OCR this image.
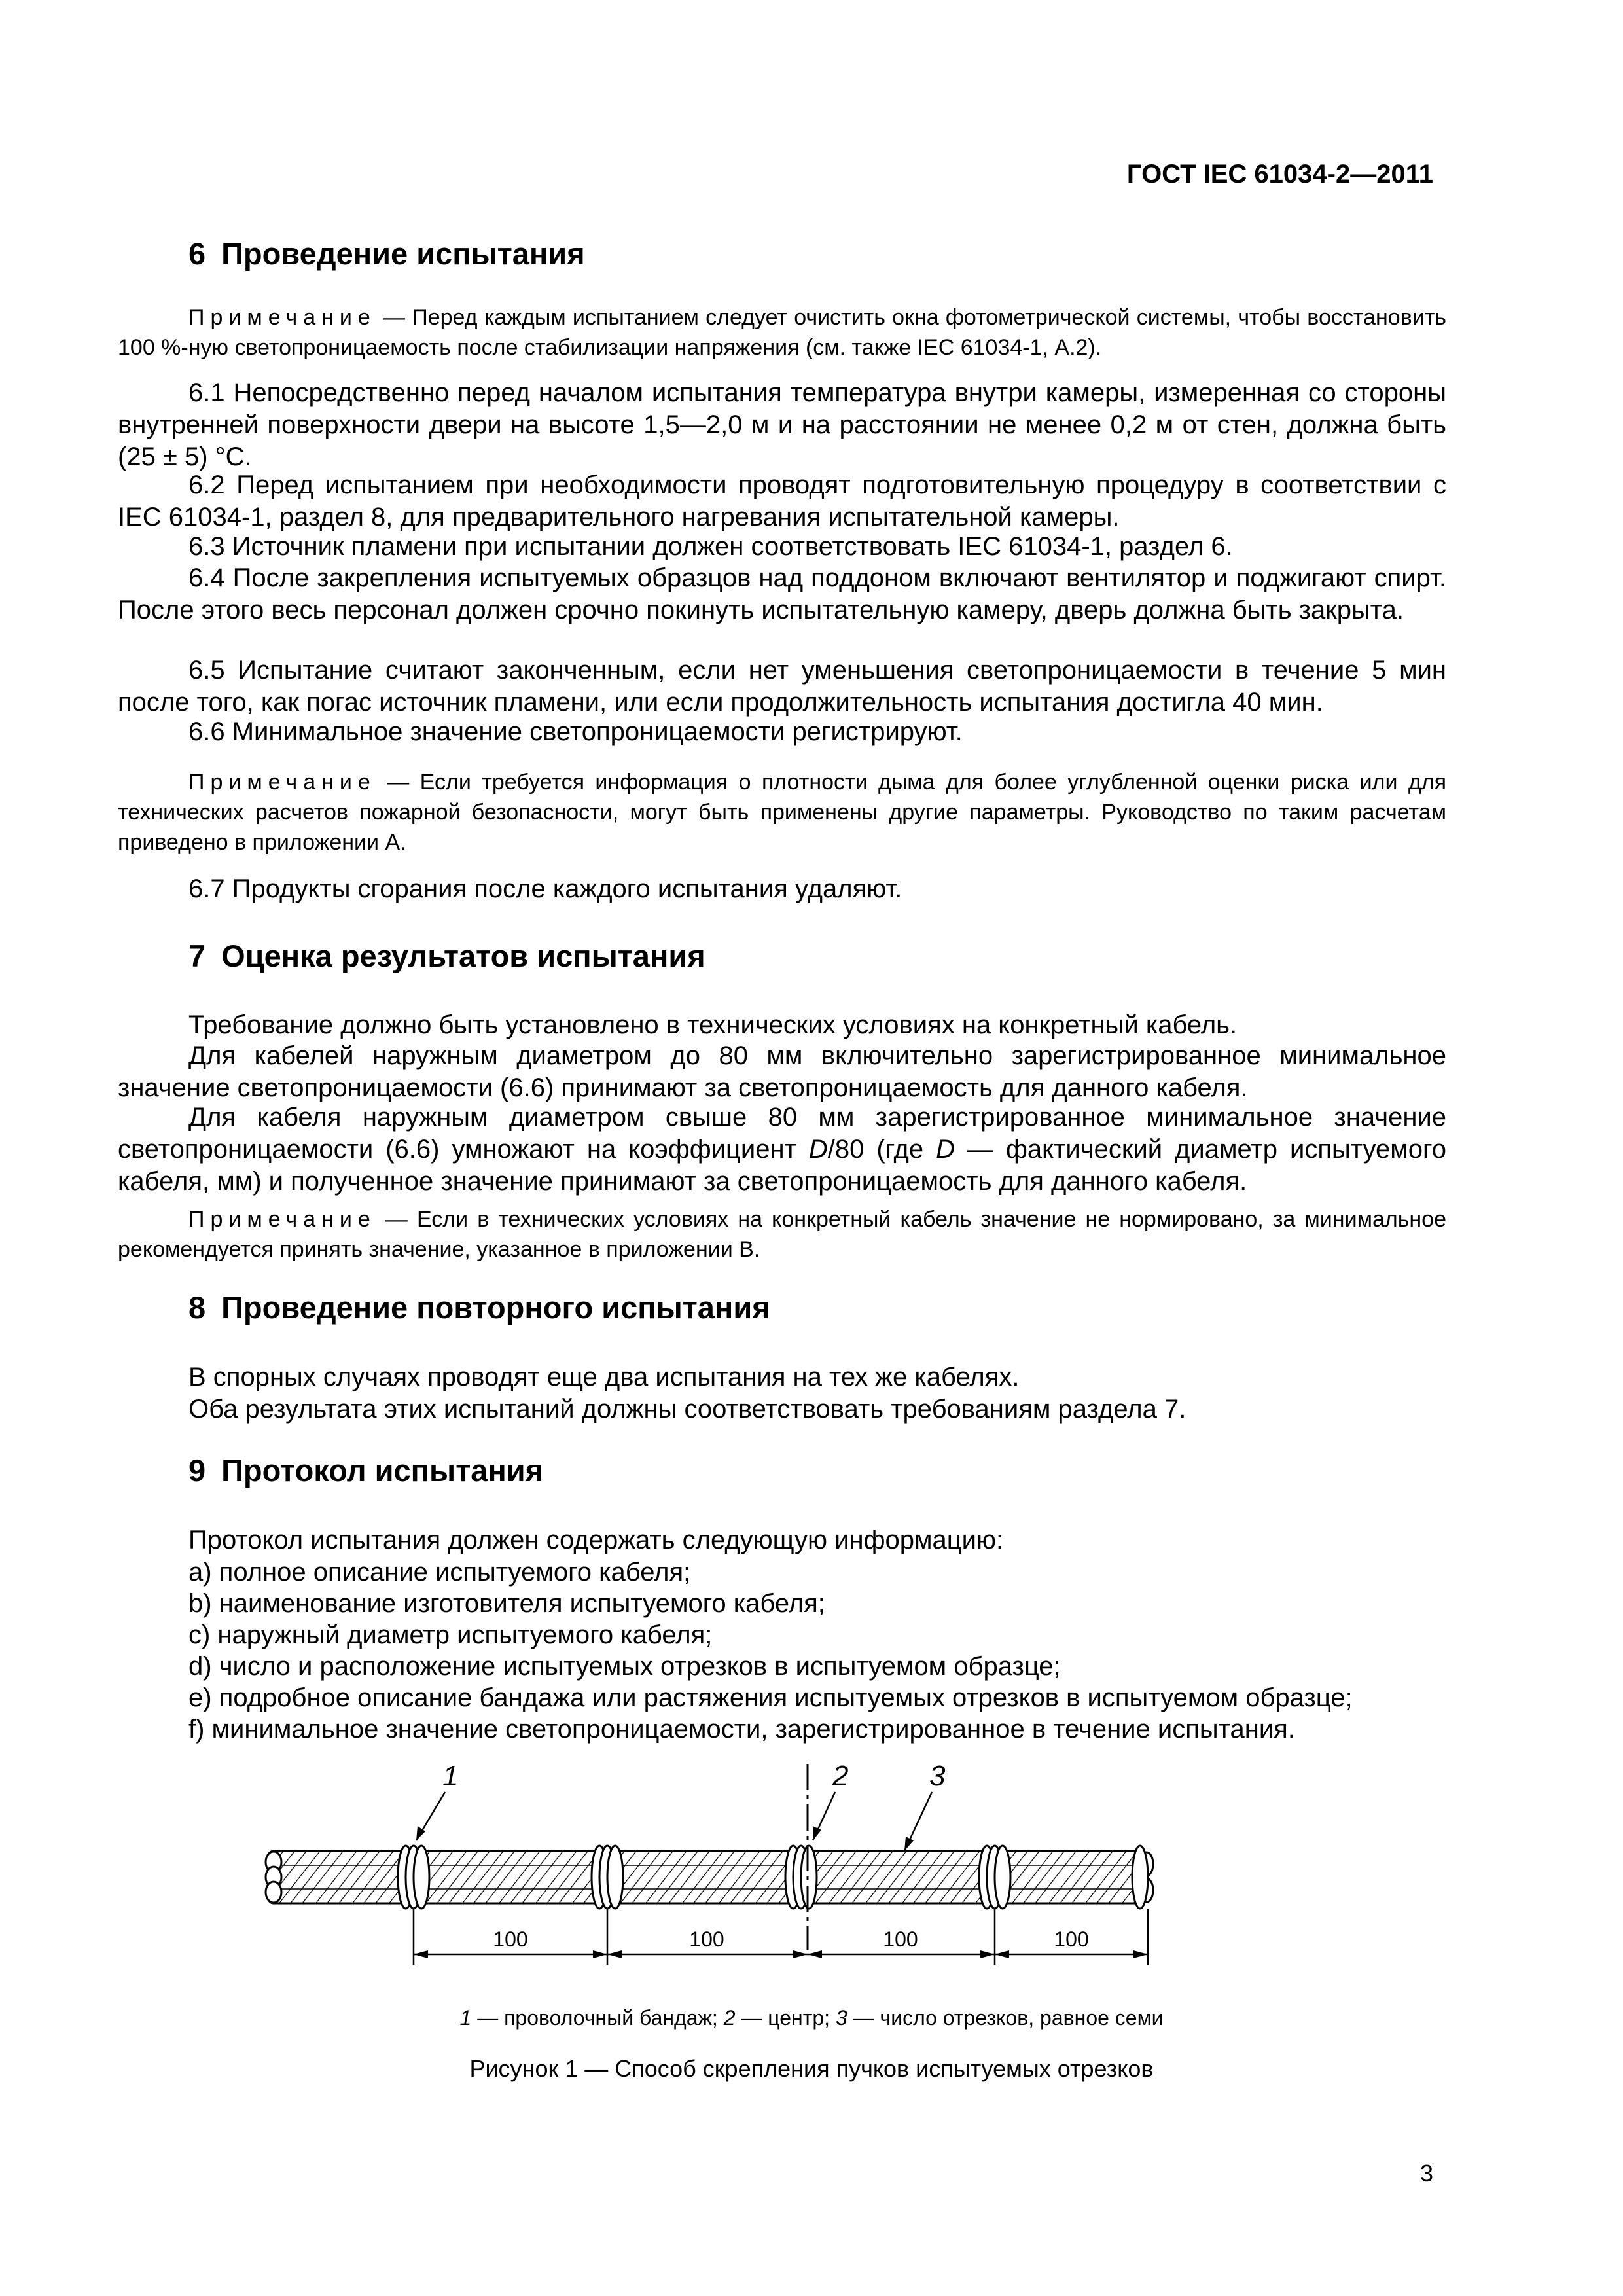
ГОСТ IEC 61034-2—2011
6 Проведение испытания
Примечание — Перед каждым испытанием следует очистить окна фотометрической системы, чтобы восстановить 100 %-ную светопроницаемость после стабилизации напряжения (см. также IEC 61034-1, А.2).
6.1 Непосредственно перед началом испытания температура внутри камеры, измеренная со стороны внутренней поверхности двери на высоте 1,5—2,0 м и на расстоянии не менее 0,2 м от стен, должна быть (25 ± 5) °С.
6.2 Перед испытанием при необходимости проводят подготовительную процедуру в соответствии с IEC 61034-1, раздел 8, для предварительного нагревания испытательной камеры.
6.3 Источник пламени при испытании должен соответствовать IEC 61034-1, раздел 6.
6.4 После закрепления испытуемых образцов над поддоном включают вентилятор и поджигают спирт. После этого весь персонал должен срочно покинуть испытательную камеру, дверь должна быть закрыта.
6.5 Испытание считают законченным, если нет уменьшения светопроницаемости в течение 5 мин после того, как погас источник пламени, или если продолжительность испытания достигла 40 мин.
6.6 Минимальное значение светопроницаемости регистрируют.
Примечание — Если требуется информация о плотности дыма для более углубленной оценки риска или для технических расчетов пожарной безопасности, могут быть применены другие параметры. Руководство по таким расчетам приведено в приложении А.
6.7 Продукты сгорания после каждого испытания удаляют.
7 Оценка результатов испытания
Требование должно быть установлено в технических условиях на конкретный кабель.
Для кабелей наружным диаметром до 80 мм включительно зарегистрированное минимальное значение светопроницаемости (6.6) принимают за светопроницаемость для данного кабеля.
Для кабеля наружным диаметром свыше 80 мм зарегистрированное минимальное значение светопроницаемости (6.6) умножают на коэффициент D/80 (где D — фактический диаметр испытуемого кабеля, мм) и полученное значение принимают за светопроницаемость для данного кабеля.
Примечание — Если в технических условиях на конкретный кабель значение не нормировано, за минимальное рекомендуется принять значение, указанное в приложении В.
8 Проведение повторного испытания
В спорных случаях проводят еще два испытания на тех же кабелях.
Оба результата этих испытаний должны соответствовать требованиям раздела 7.
9 Протокол испытания
Протокол испытания должен содержать следующую информацию:
а) полное описание испытуемого кабеля;
b) наименование изготовителя испытуемого кабеля;
с) наружный диаметр испытуемого кабеля;
d) число и расположение испытуемых отрезков в испытуемом образце;
е) подробное описание бандажа или растяжения испытуемых отрезков в испытуемом образце;
f) минимальное значение светопроницаемости, зарегистрированное в течение испытания.
1	2	3
100	100	100	100
1 — проволочный бандаж; 2 — центр; 3 — число отрезков, равное семи
Рисунок 1 — Способ скрепления пучков испытуемых отрезков
3
